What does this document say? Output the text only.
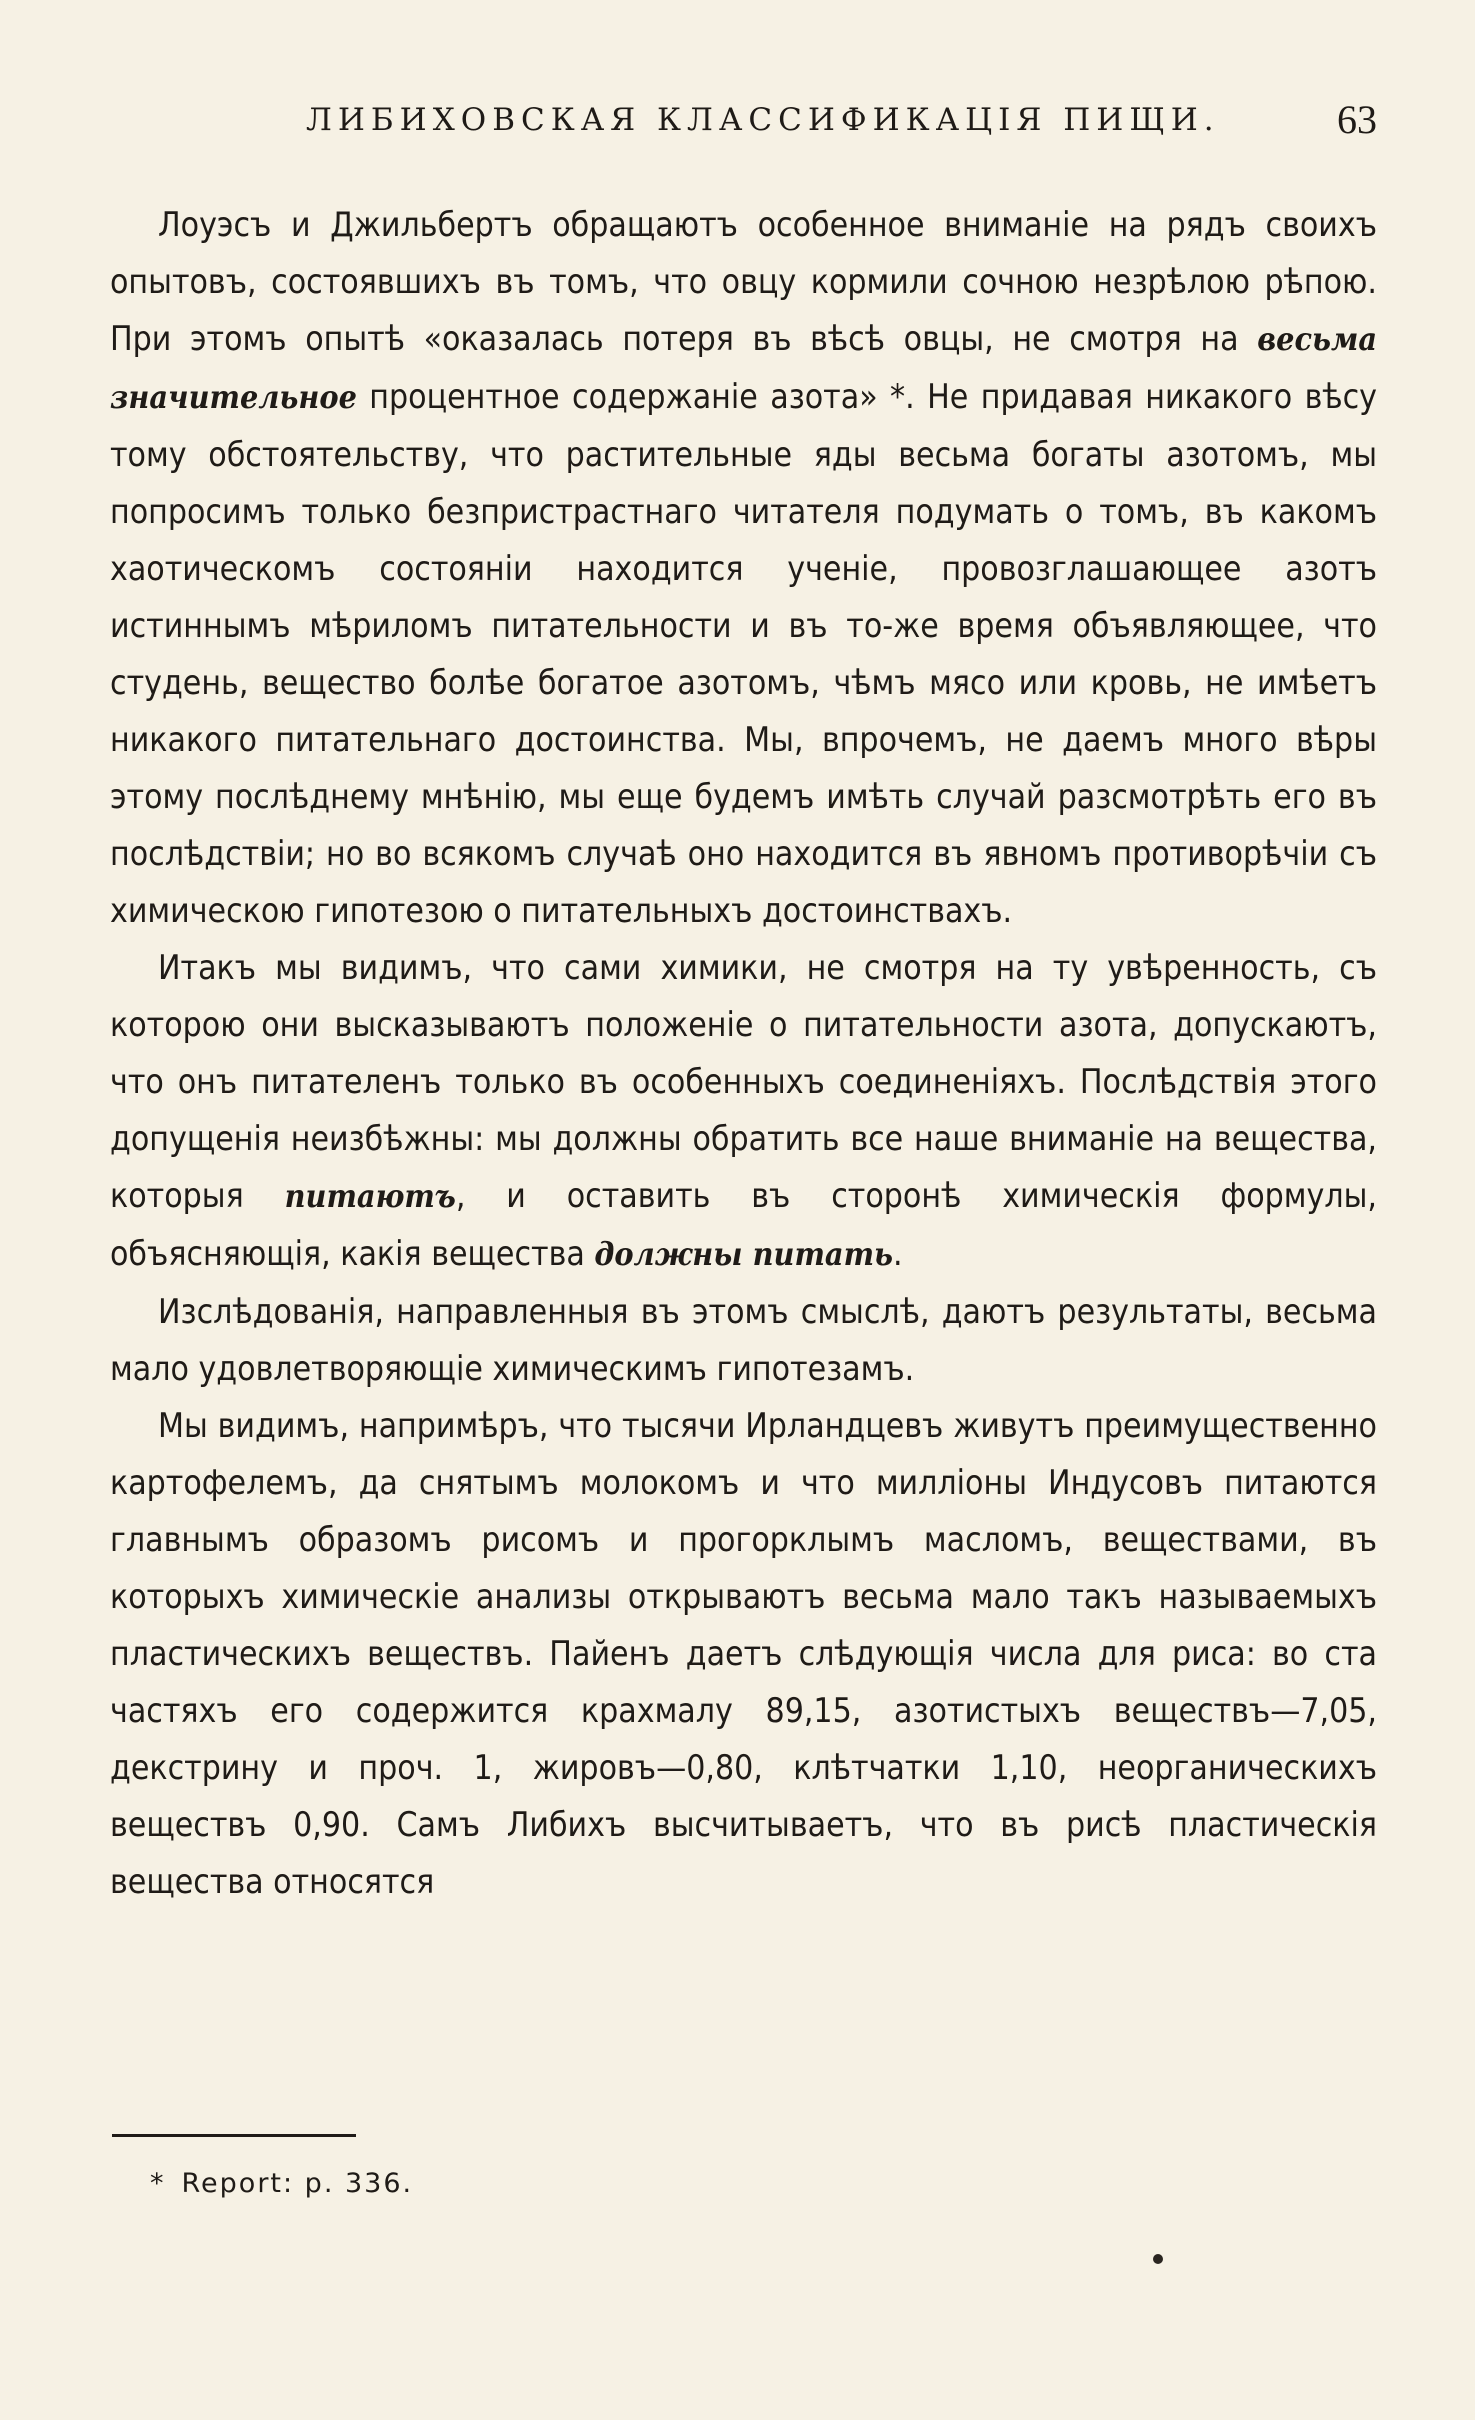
ЛИБИХОВСКАЯ КЛАССИФИКАЦІЯ ПИЩИ.	63

Лоуэсъ и Джильбертъ обращаютъ особенное вниманіе на рядъ своихъ опытовъ, состоявшихъ въ томъ, что овцу кормили сочною незрѣлою рѣпою. При этомъ опытѣ «оказалась потеря въ вѣсѣ овцы, не смотря на весьма значительное процентное содержаніе азота» *. Не придавая никакого вѣсу тому обстоятельству, что растительные яды весьма богаты азотомъ, мы попросимъ только безпристрастнаго читателя подумать о томъ, въ какомъ хаотическомъ состояніи находится ученіе, провозглашающее азотъ истиннымъ мѣриломъ питательности и въ то-же время объявляющее, что студень, вещество болѣе богатое азотомъ, чѣмъ мясо или кровь, не имѣетъ никакого питательнаго достоинства. Мы, впрочемъ, не даемъ много вѣры этому послѣднему мнѣнію, мы еще будемъ имѣть случай разсмотрѣть его въ послѣдствіи; но во всякомъ случаѣ оно находится въ явномъ противорѣчіи съ химическою гипотезою о питательныхъ достоинствахъ.

Итакъ мы видимъ, что сами химики, не смотря на ту увѣренность, съ которою они высказываютъ положеніе о питательности азота, допускаютъ, что онъ питателенъ только въ особенныхъ соединеніяхъ. Послѣдствія этого допущенія неизбѣжны: мы должны обратить все наше вниманіе на вещества, которыя питаютъ, и оставить въ сторонѣ химическія формулы, объясняющія, какія вещества должны питать.

Изслѣдованія, направленныя въ этомъ смыслѣ, даютъ результаты, весьма мало удовлетворяющіе химическимъ гипотезамъ.

Мы видимъ, напримѣръ, что тысячи Ирландцевъ живутъ преимущественно картофелемъ, да снятымъ молокомъ и что милліоны Индусовъ питаются главнымъ образомъ рисомъ и прогорклымъ масломъ, веществами, въ которыхъ химическіе анализы открываютъ весьма мало такъ называемыхъ пластическихъ веществъ. Пайенъ даетъ слѣдующія числа для риса: во ста частяхъ его содержится крахмалу 89,15, азотистыхъ веществъ—7,05, декстрину и проч. 1, жировъ—0,80, клѣтчатки 1,10, неорганическихъ веществъ 0,90. Самъ Либихъ высчитываетъ, что въ рисѣ пластическія вещества относятся

* Report: p. 336.
